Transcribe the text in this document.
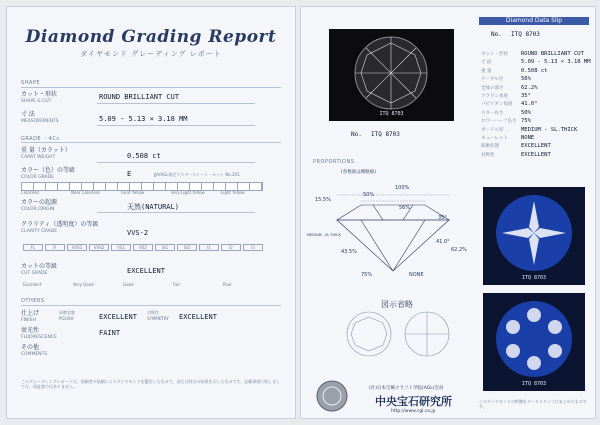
Diamond Grading Report
ダイヤモンド グレーディング レポート
SHAPE
カット・形状
SHAPE & CUT
ROUND BRILLIANT CUT
寸 法
MEASUREMENTS	5.09 - 5.13 × 3.18 MM
GRADE ・4Cs
重 量（カラット）
CARAT WEIGHT	0.508 ct
カラー（色）の等級
COLOR GRADE	E	JJA/AGL規定マスターストーン・セット No.201
Colorless	Near Colorless	Faint Yellow	Very Light Yellow	Light Yellow
カラーの起源
COLOR ORIGIN	天然(NATURAL)
クラリティ（透明度）の等級
CLARITY GRADE	VVS-2
FL	IF	VVS1	VVS2	VS1	VS2	SI1	SI2	I1	I2	I3
カットの等級
CUT GRADE	EXCELLENT
Excellent	Very Good	Good	Fair	Poor
OTHERS
仕上げ
FINISH
研磨状態
POLISH	EXCELLENT
対称性
SYMMETRY EXCELLENT
蛍光性
FLUORESCENCE
FAINT
その他
COMMENTS
このグレーディングレポートは、依頼者の依頼によりダイヤモンドを鑑定したもので、発行日時点の結果を示したものです。記載事項に関しましては、保証書ではありません。
ITQ 8703
No. ITQ 8703
PROPORTIONS
(各数値は概略値)
100%
50%
56%
15.5%
35°
41.0°
43.5%	62.2%
75%	NONE
MEDIUM - SL.THICK
図示省略
(社)日本宝飾クラフト学院(AGL)会員
中央宝石研究所
http://www.cgl.co.jp
Diamond Data Slip
No. ITQ 8703
カット・形状	ROUND BRILLIANT CUT
寸 法	5.09 - 5.13 × 3.18 MM
重 量	0.508 ct
テーブル径	56%
全体の深さ	62.2%
クラウン角度	35°
パビリオン角度	41.0°
スター長さ	50%
ロワーハーフ長さ 75%
ガードル厚	MEDIUM - SL.THICK
キューレット	NONE
研磨状態	EXCELLENT
対称性	EXCELLENT
ITQ 8703
ITQ 8703
このダイヤモンドの特徴をデータスリップにまとめたものです。
